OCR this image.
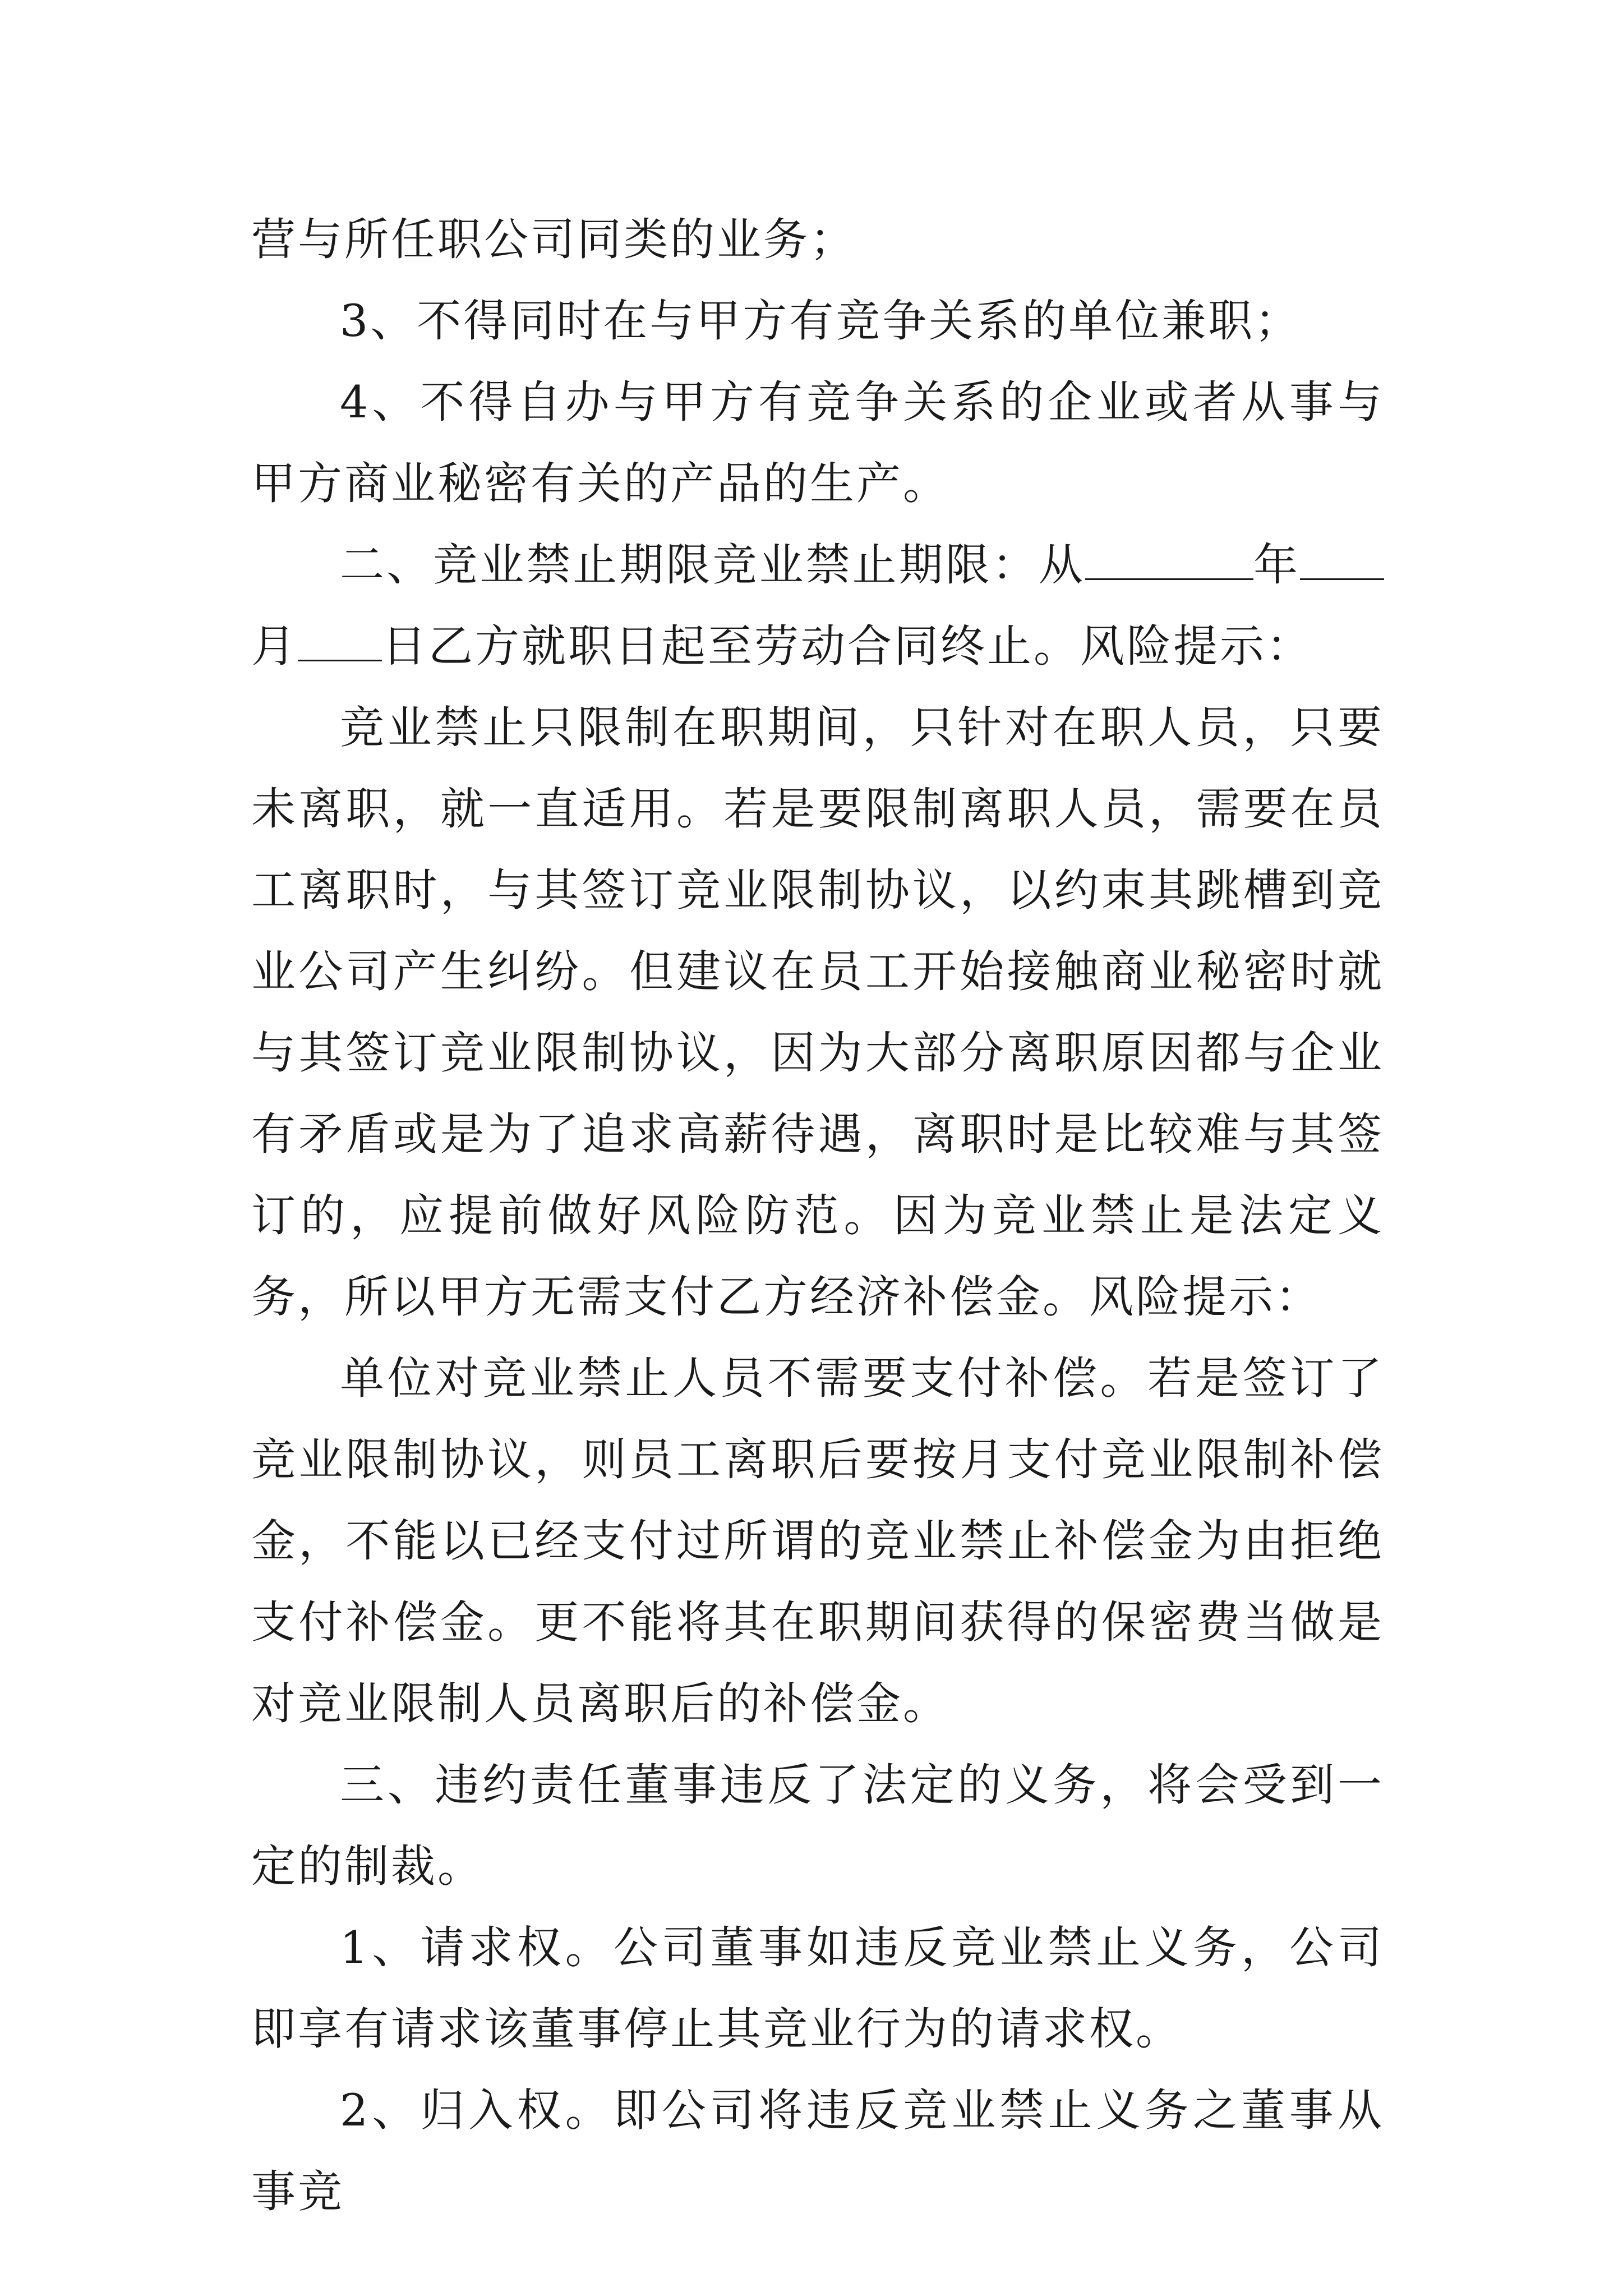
营与所任职公司同类的业务；

3、不得同时在与甲方有竞争关系的单位兼职；

4、不得自办与甲方有竞争关系的企业或者从事与甲方商业秘密有关的产品的生产。

二、竞业禁止期限竞业禁止期限：从	年月 日乙方就职日起至劳动合同终止。风险提示：

竞业禁止只限制在职期间，只针对在职人员，只要未离职，就一直适用。若是要限制离职人员，需要在员工离职时，与其签订竞业限制协议，以约束其跳槽到竞业公司产生纠纷。但建议在员工开始接触商业秘密时就与其签订竞业限制协议，因为大部分离职原因都与企业有矛盾或是为了追求高薪待遇，离职时是比较难与其签订的，应提前做好风险防范。因为竞业禁止是法定义务，所以甲方无需支付乙方经济补偿金。风险提示：

单位对竞业禁止人员不需要支付补偿。若是签订了竞业限制协议，则员工离职后要按月支付竞业限制补偿金，不能以已经支付过所谓的竞业禁止补偿金为由拒绝支付补偿金。更不能将其在职期间获得的保密费当做是对竞业限制人员离职后的补偿金。

三、违约责任董事违反了法定的义务，将会受到一定的制裁。

1、请求权。公司董事如违反竞业禁止义务，公司即享有请求该董事停止其竞业行为的请求权。

2、归入权。即公司将违反竞业禁止义务之董事从事竞
